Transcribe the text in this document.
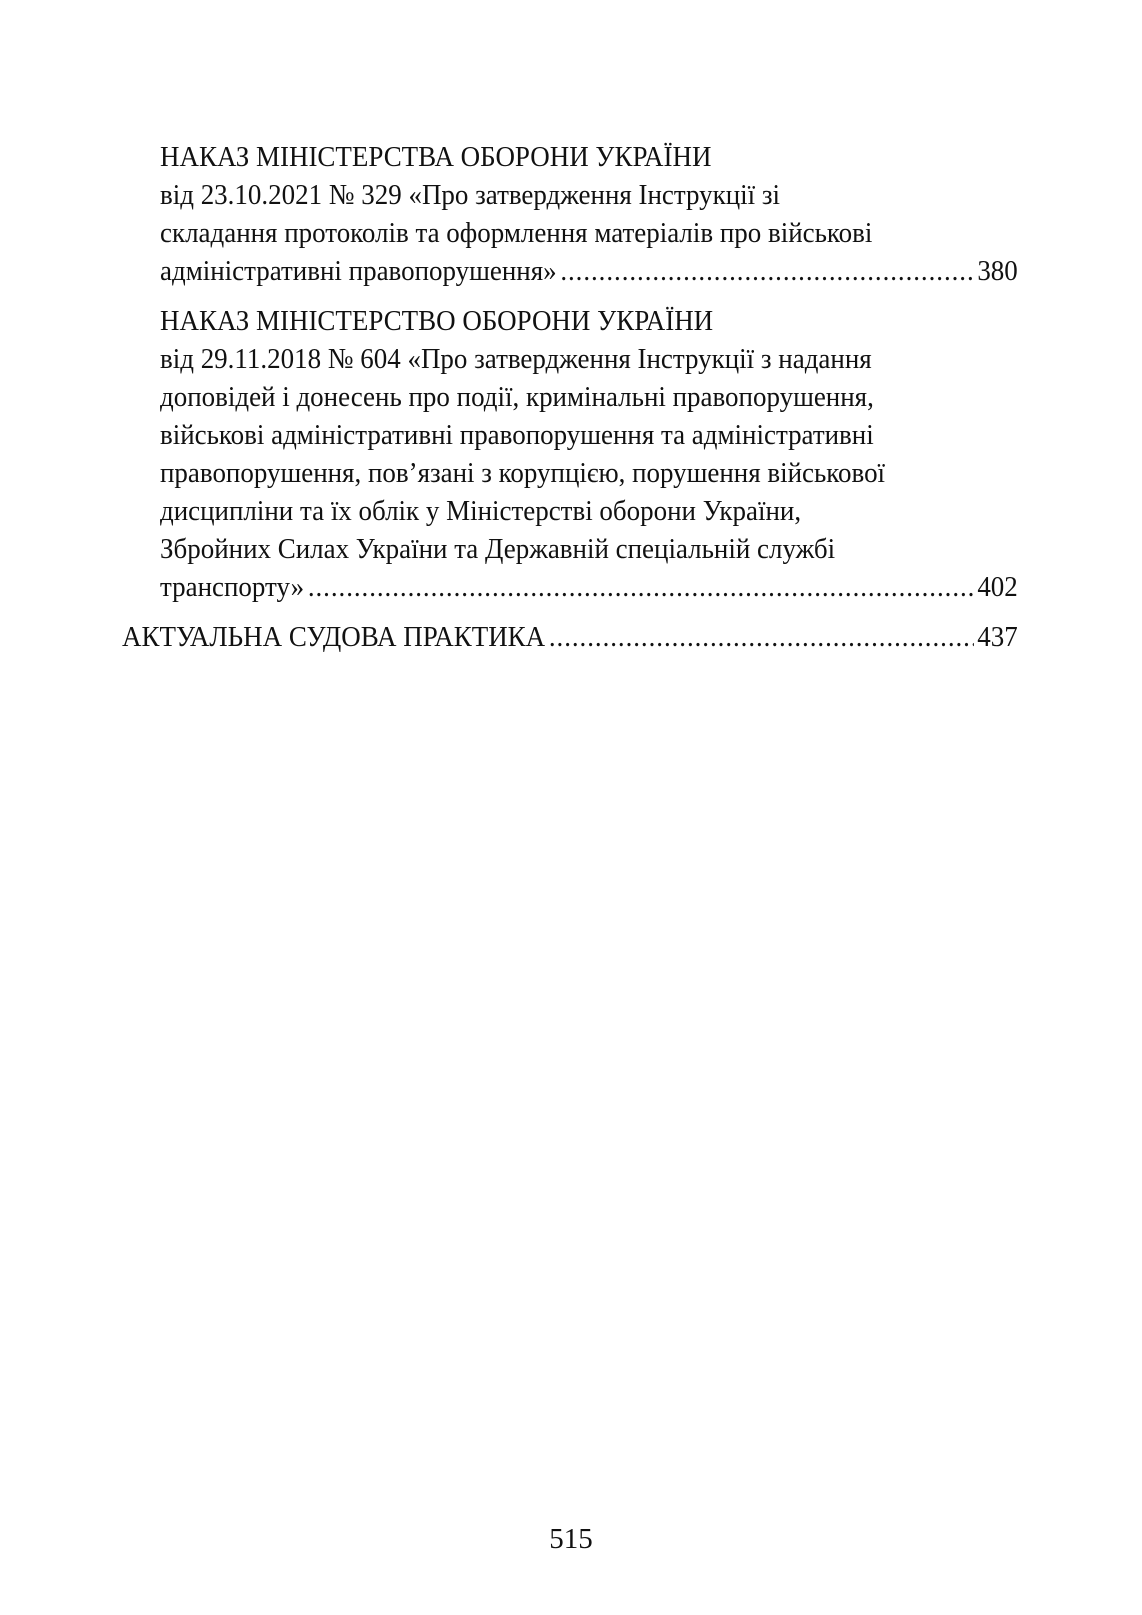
НАКАЗ МІНІСТЕРСТВА ОБОРОНИ УКРАЇНИ
від 23.10.2021 № 329 «Про затвердження Інструкції зі
складання протоколів та оформлення матеріалів про військові
адміністративні правопорушення» .....	380
НАКАЗ МІНІСТЕРСТВО ОБОРОНИ УКРАЇНИ
від 29.11.2018 № 604 «Про затвердження Інструкції з надання
доповідей і донесень про події, кримінальні правопорушення,
військові адміністративні правопорушення та адміністративні
правопорушення, пов’язані з корупцією, порушення військової
дисципліни та їх облік у Міністерстві оборони України,
Збройних Силах України та Державній спеціальній службі
транспорту» .....	402
АКТУАЛЬНА СУДОВА ПРАКТИКА .....	437
515
